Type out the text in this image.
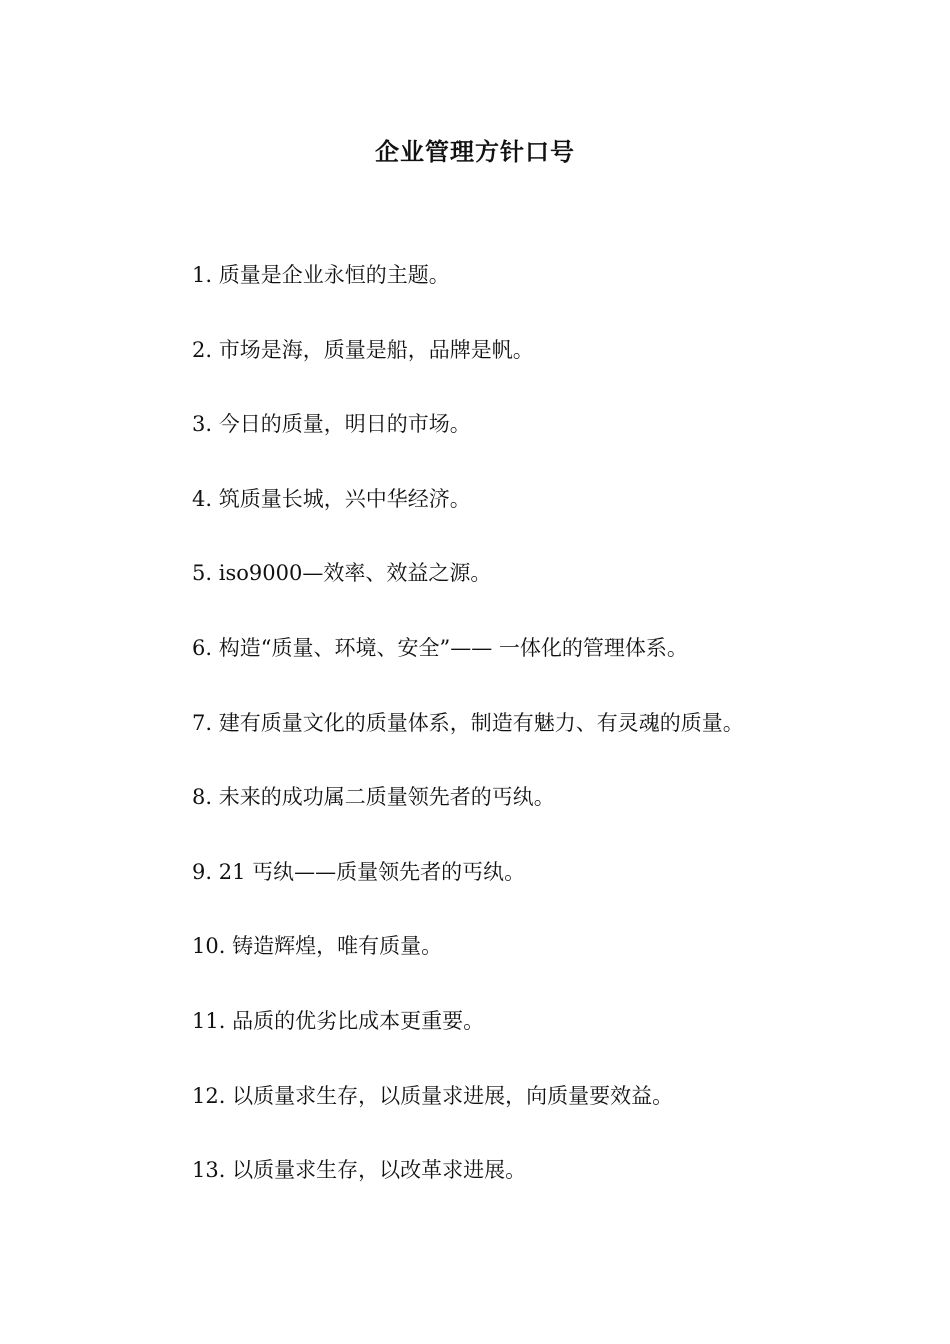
企业管理方针口号
1. 质量是企业永恒的主题。
2. 市场是海，质量是船，品牌是帆。
3. 今日的质量，明日的市场。
4. 筑质量长城，兴中华经济。
5. iso9000—效率、效益之源。
6. 构造“质量、环境、安全”—— 一体化的管理体系。
7. 建有质量文化的质量体系，制造有魅力、有灵魂的质量。
8. 未来的成功属二质量领先者的丐纨。
9. 21 丐纨——质量领先者的丐纨。
10. 铸造辉煌，唯有质量。
11. 品质的优劣比成本更重要。
12. 以质量求生存，以质量求进展，向质量要效益。
13. 以质量求生存，以改革求进展。
